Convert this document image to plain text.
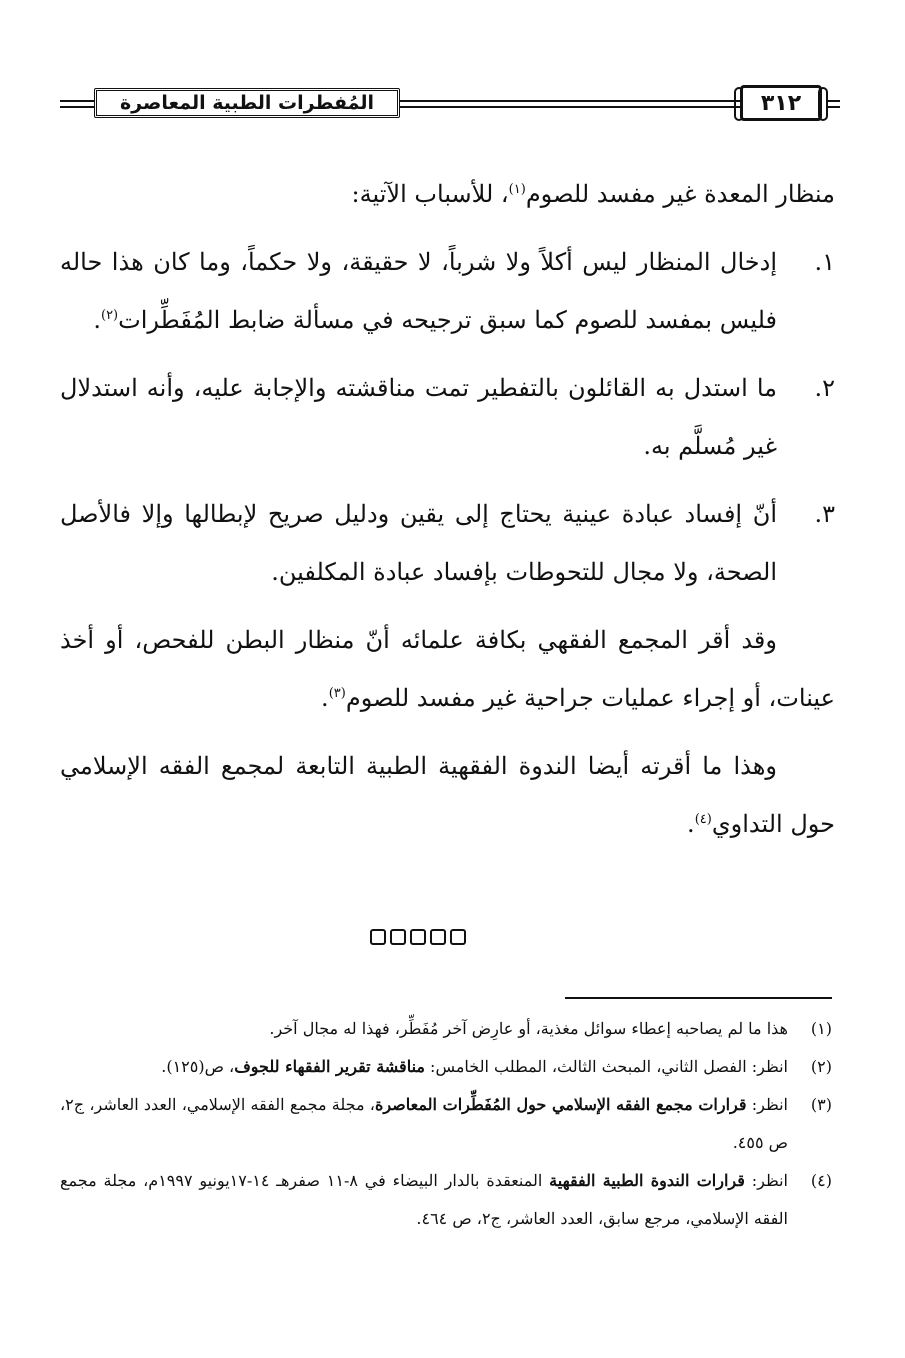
المُفطرات الطبية المعاصرة	٣١٢

منظار المعدة غير مفسد للصوم$^{(١)}$، للأسباب الآتية:

١.
إدخال المنظار ليس أكلاً ولا شرباً، لا حقيقة، ولا حكماً، وما كان هذا حاله فليس بمفسد للصوم كما سبق ترجيحه في مسألة ضابط المُفَطِّرات$^{(٢)}$.
٢.
ما استدل به القائلون بالتفطير تمت مناقشته والإجابة عليه، وأنه استدلال غير مُسلَّم به.
٣.
أنّ إفساد عبادة عينية يحتاج إلى يقين ودليل صريح لإبطالها وإلا فالأصل الصحة، ولا مجال للتحوطات بإفساد عبادة المكلفين.

وقد أقر المجمع الفقهي بكافة علمائه أنّ منظار البطن للفحص، أو أخذ عينات، أو إجراء عمليات جراحية غير مفسد للصوم$^{(٣)}$.

وهذا ما أقرته أيضا الندوة الفقهية الطبية التابعة لمجمع الفقه الإسلامي حول التداوي$^{(٤)}$.

(١)
هذا ما لم يصاحبه إعطاء سوائل مغذية، أو عارِض آخر مُفَطِّر، فهذا له مجال آخر.
(٢)
انظر: الفصل الثاني، المبحث الثالث، المطلب الخامس: مناقشة تقرير الفقهاء للجوف، ص(١٢٥).
(٣)
انظر: قرارات مجمع الفقه الإسلامي حول المُفَطِّرات المعاصرة، مجلة مجمع الفقه الإسلامي، العدد العاشر، ج٢، ص ٤٥٥.
(٤)
انظر: قرارات الندوة الطبية الفقهية المنعقدة بالدار البيضاء في ٨-١١ صفرهـ ١٤-١٧يونيو ١٩٩٧م، مجلة مجمع الفقه الإسلامي، مرجع سابق، العدد العاشر، ج٢، ص ٤٦٤.
